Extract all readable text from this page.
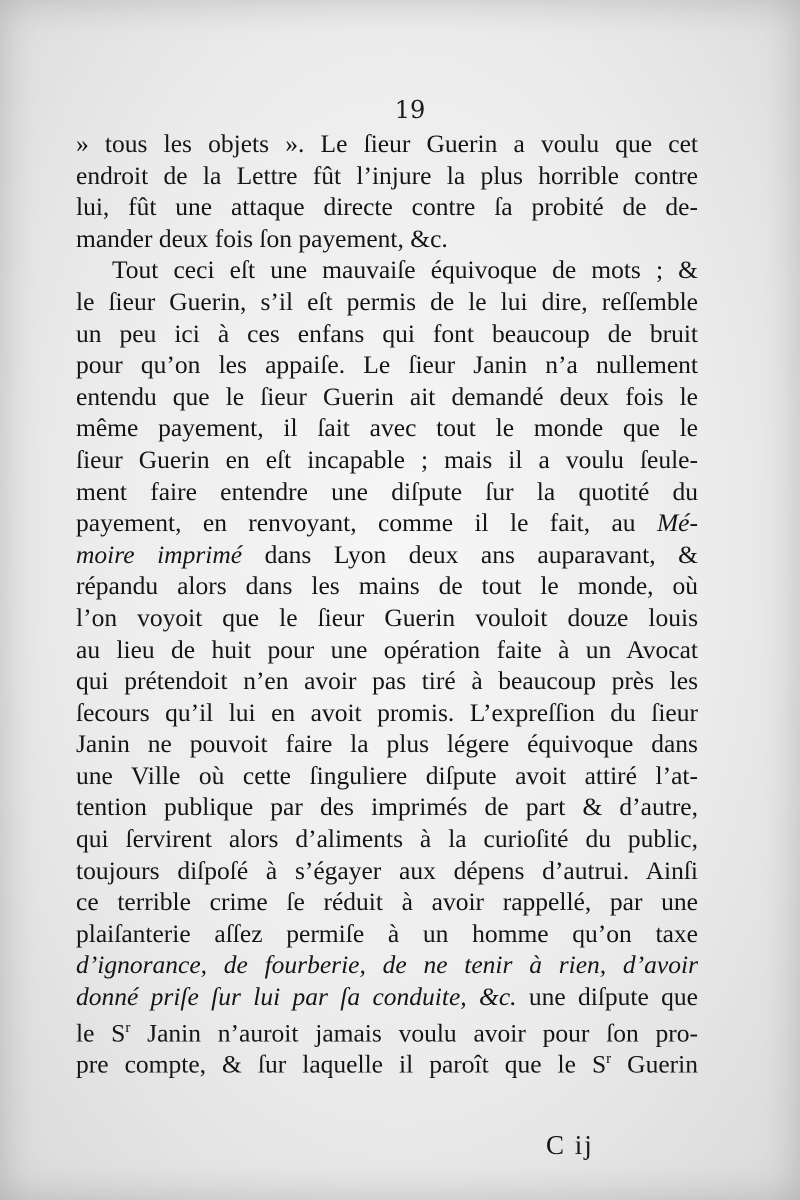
19
» tous les objets ». Le ſieur Guerin a voulu que cet
endroit de la Lettre fût l’injure la plus horrible contre
lui, fût une attaque directe contre ſa probité de de-
mander deux fois ſon payement, &c.
Tout ceci eſt une mauvaiſe équivoque de mots ; &
le ſieur Guerin, s’il eſt permis de le lui dire, reſſemble
un peu ici à ces enfans qui font beaucoup de bruit
pour qu’on les appaiſe. Le ſieur Janin n’a nullement
entendu que le ſieur Guerin ait demandé deux fois le
même payement, il ſait avec tout le monde que le
ſieur Guerin en eſt incapable ; mais il a voulu ſeule-
ment faire entendre une diſpute ſur la quotité du
payement, en renvoyant, comme il le fait, au Mé-
moire imprimé dans Lyon deux ans auparavant, &
répandu alors dans les mains de tout le monde, où
l’on voyoit que le ſieur Guerin vouloit douze louis
au lieu de huit pour une opération faite à un Avocat
qui prétendoit n’en avoir pas tiré à beaucoup près les
ſecours qu’il lui en avoit promis. L’expreſſion du ſieur
Janin ne pouvoit faire la plus légere équivoque dans
une Ville où cette ſinguliere diſpute avoit attiré l’at-
tention publique par des imprimés de part & d’autre,
qui ſervirent alors d’aliments à la curioſité du public,
toujours diſpoſé à s’égayer aux dépens d’autrui. Ainſi
ce terrible crime ſe réduit à avoir rappellé, par une
plaiſanterie aſſez permiſe à un homme qu’on taxe
d’ignorance, de fourberie, de ne tenir à rien, d’avoir
donné priſe ſur lui par ſa conduite, &c. une diſpute que
le $S^r$ Janin n’auroit jamais voulu avoir pour ſon pro-
pre compte, & ſur laquelle il paroît que le $S^r$ Guerin
C ij
